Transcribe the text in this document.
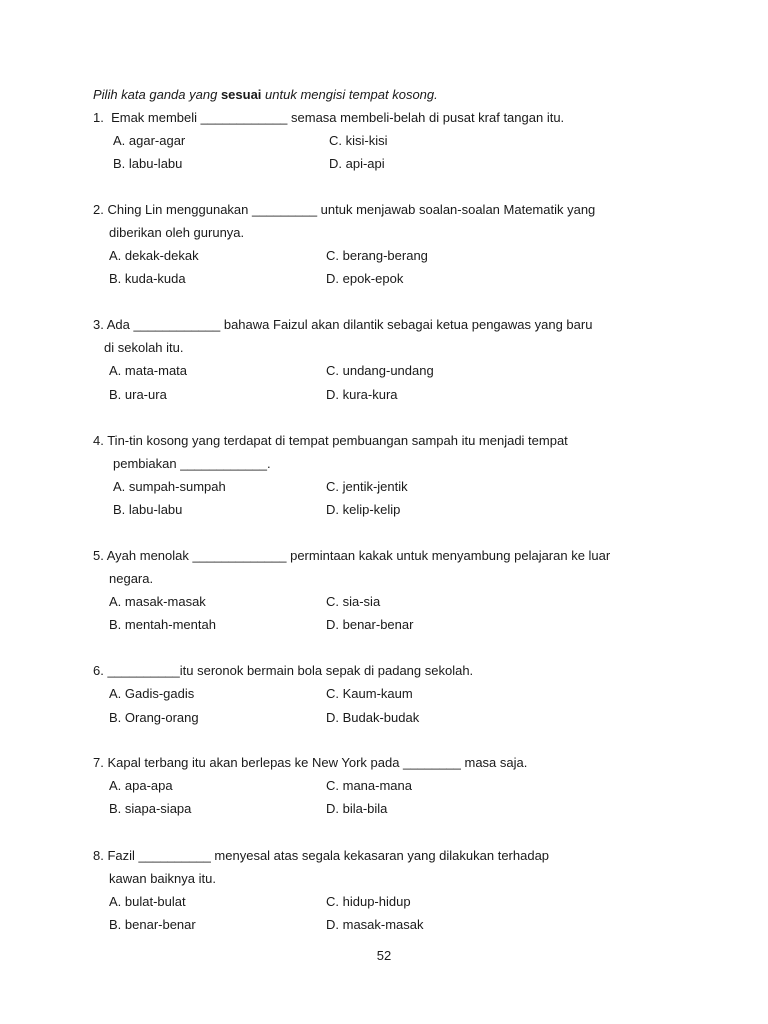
Pilih kata ganda yang sesuai untuk mengisi tempat kosong.
1.  Emak membeli ____________ semasa membeli-belah di pusat kraf tangan itu.
A. agar-agar	C. kisi-kisi
B. labu-labu	D. api-api
2. Ching Lin menggunakan _________ untuk menjawab soalan-soalan Matematik yang
diberikan oleh gurunya.
A. dekak-dekak	C. berang-berang
B. kuda-kuda	D. epok-epok
3. Ada ____________ bahawa Faizul akan dilantik sebagai ketua pengawas yang baru
di sekolah itu.
A. mata-mata	C. undang-undang
B. ura-ura	D. kura-kura
4. Tin-tin kosong yang terdapat di tempat pembuangan sampah itu menjadi tempat
pembiakan ____________.
A. sumpah-sumpah	C. jentik-jentik
B. labu-labu	D. kelip-kelip
5. Ayah menolak _____________ permintaan kakak untuk menyambung pelajaran ke luar
negara.
A. masak-masak	C. sia-sia
B. mentah-mentah	D. benar-benar
6. __________itu seronok bermain bola sepak di padang sekolah.
A. Gadis-gadis	C. Kaum-kaum
B. Orang-orang	D. Budak-budak
7. Kapal terbang itu akan berlepas ke New York pada ________ masa saja.
A. apa-apa	C. mana-mana
B. siapa-siapa	D. bila-bila
8. Fazil __________ menyesal atas segala kekasaran yang dilakukan terhadap
kawan baiknya itu.
A. bulat-bulat	C. hidup-hidup
B. benar-benar	D. masak-masak
52
